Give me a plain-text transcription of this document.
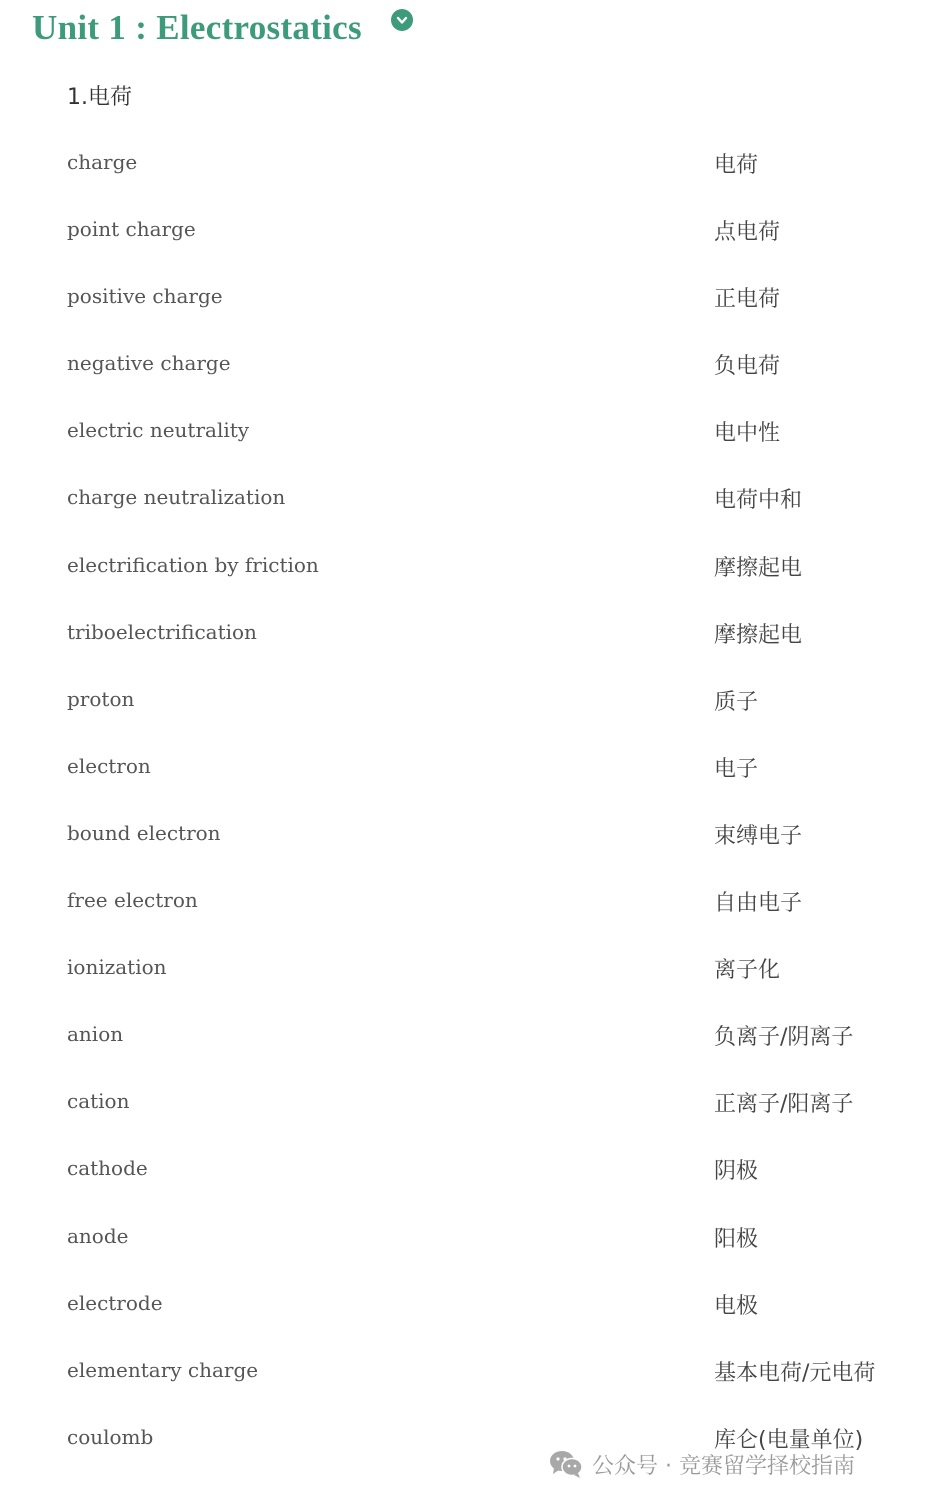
Unit 1 : Electrostatics
1.电荷
charge	电荷
point charge	点电荷
positive charge	正电荷
negative charge	负电荷
electric neutrality	电中性
charge neutralization	电荷中和
electrification by friction	摩擦起电
triboelectrification	摩擦起电
proton	质子
electron	电子
bound electron	束缚电子
free electron	自由电子
ionization	离子化
anion	负离子/阴离子
cation	正离子/阳离子
cathode	阴极
anode	阳极
electrode	电极
elementary charge	基本电荷/元电荷
coulomb	库仑(电量单位)
公众号 · 竞赛留学择校指南
